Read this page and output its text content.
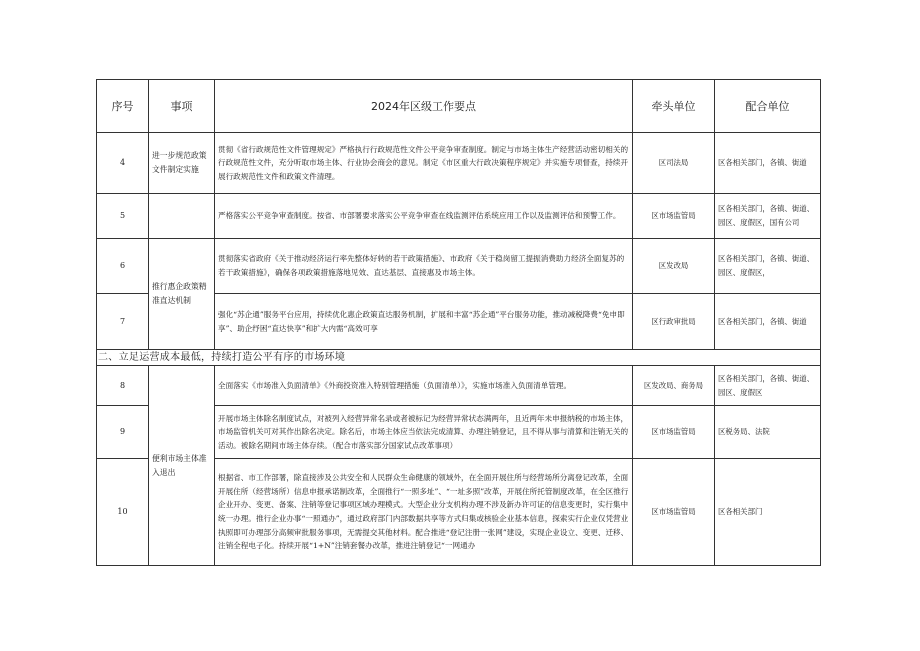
序号	事项	2024年区级工作要点	牵头单位	配合单位
4	进一步规范政策文件制定实施	贯彻《省行政规范性文件管理规定》严格执行行政规范性文件公平竞争审查制度。制定与市场主体生产经营活动密切相关的行政规范性文件，充分听取市场主体、行业协会商会的意见。制定《市区重大行政决策程序规定》并实施专项督查，持续开展行政规范性文件和政策文件清理。	区司法局	区各相关部门，各镇、街道
5		严格落实公平竞争审查制度。按省、市部署要求落实公平竞争审查在线监测评估系统应用工作以及监测评估和预警工作。	区市场监管局	区各相关部门，各镇、街道、园区、度假区，国有公司
6	推行惠企政策精准直达机制	贯彻落实省政府《关于推动经济运行率先整体好转的若干政策措施》、市政府《关于稳岗留工提振消费助力经济全面复苏的若干政策措施》，确保各项政策措施落地见效、直达基层、直接惠及市场主体。	区发改局	区各相关部门，各镇、街道、园区、度假区，
7		强化“苏企通”服务平台应用，持续优化惠企政策直达服务机制，扩展和丰富“苏企通”平台服务功能，推动减税降费“免申即享”、助企纾困“直达快享”和扩大内需“高效可享	区行政审批局	区各相关部门，各镇、街道
二、立足运营成本最低，持续打造公平有序的市场环境				
8	便利市场主体准入退出	全面落实《市场准入负面清单》《外商投资准入特别管理措施（负面清单）》，实施市场准入负面清单管理。	区发改局、商务局	区各相关部门，各镇、街道、园区、度假区
9		开展市场主体除名制度试点，对被列入经营异常名录或者被标记为经营异常状态满两年，且近两年未申报纳税的市场主体，市场监管机关可对其作出除名决定。除名后，市场主体应当依法完成清算、办理注销登记，且不得从事与清算和注销无关的活动。被除名期间市场主体存续。（配合市落实部分国家试点改革事项）	区市场监管局	区税务局、法院
10		根据省、市工作部署，除直接涉及公共安全和人民群众生命健康的领域外，在全面开展住所与经营场所分离登记改革，全面开展住所（经营场所）信息申报承诺制改革，全面推行“一照多址”、“一址多照”改革，开展住所托管制度改革，在全区推行企业开办、变更、备案、注销等登记事项区域办理模式。大型企业分支机构办理不涉及新办许可证的信息变更时，实行集中统一办理。推行企业办事“一照通办”，通过政府部门内部数据共享等方式归集或核验企业基本信息，探索实行企业仅凭营业执照即可办理部分高频审批服务事项，无需提交其他材料。配合推进“登记注册一张网”建设，实现企业设立、变更、迁移、注销全程电子化。持续开展“1+N”注销套餐办改革，推进注销登记“一网通办	区市场监管局	区各相关部门
